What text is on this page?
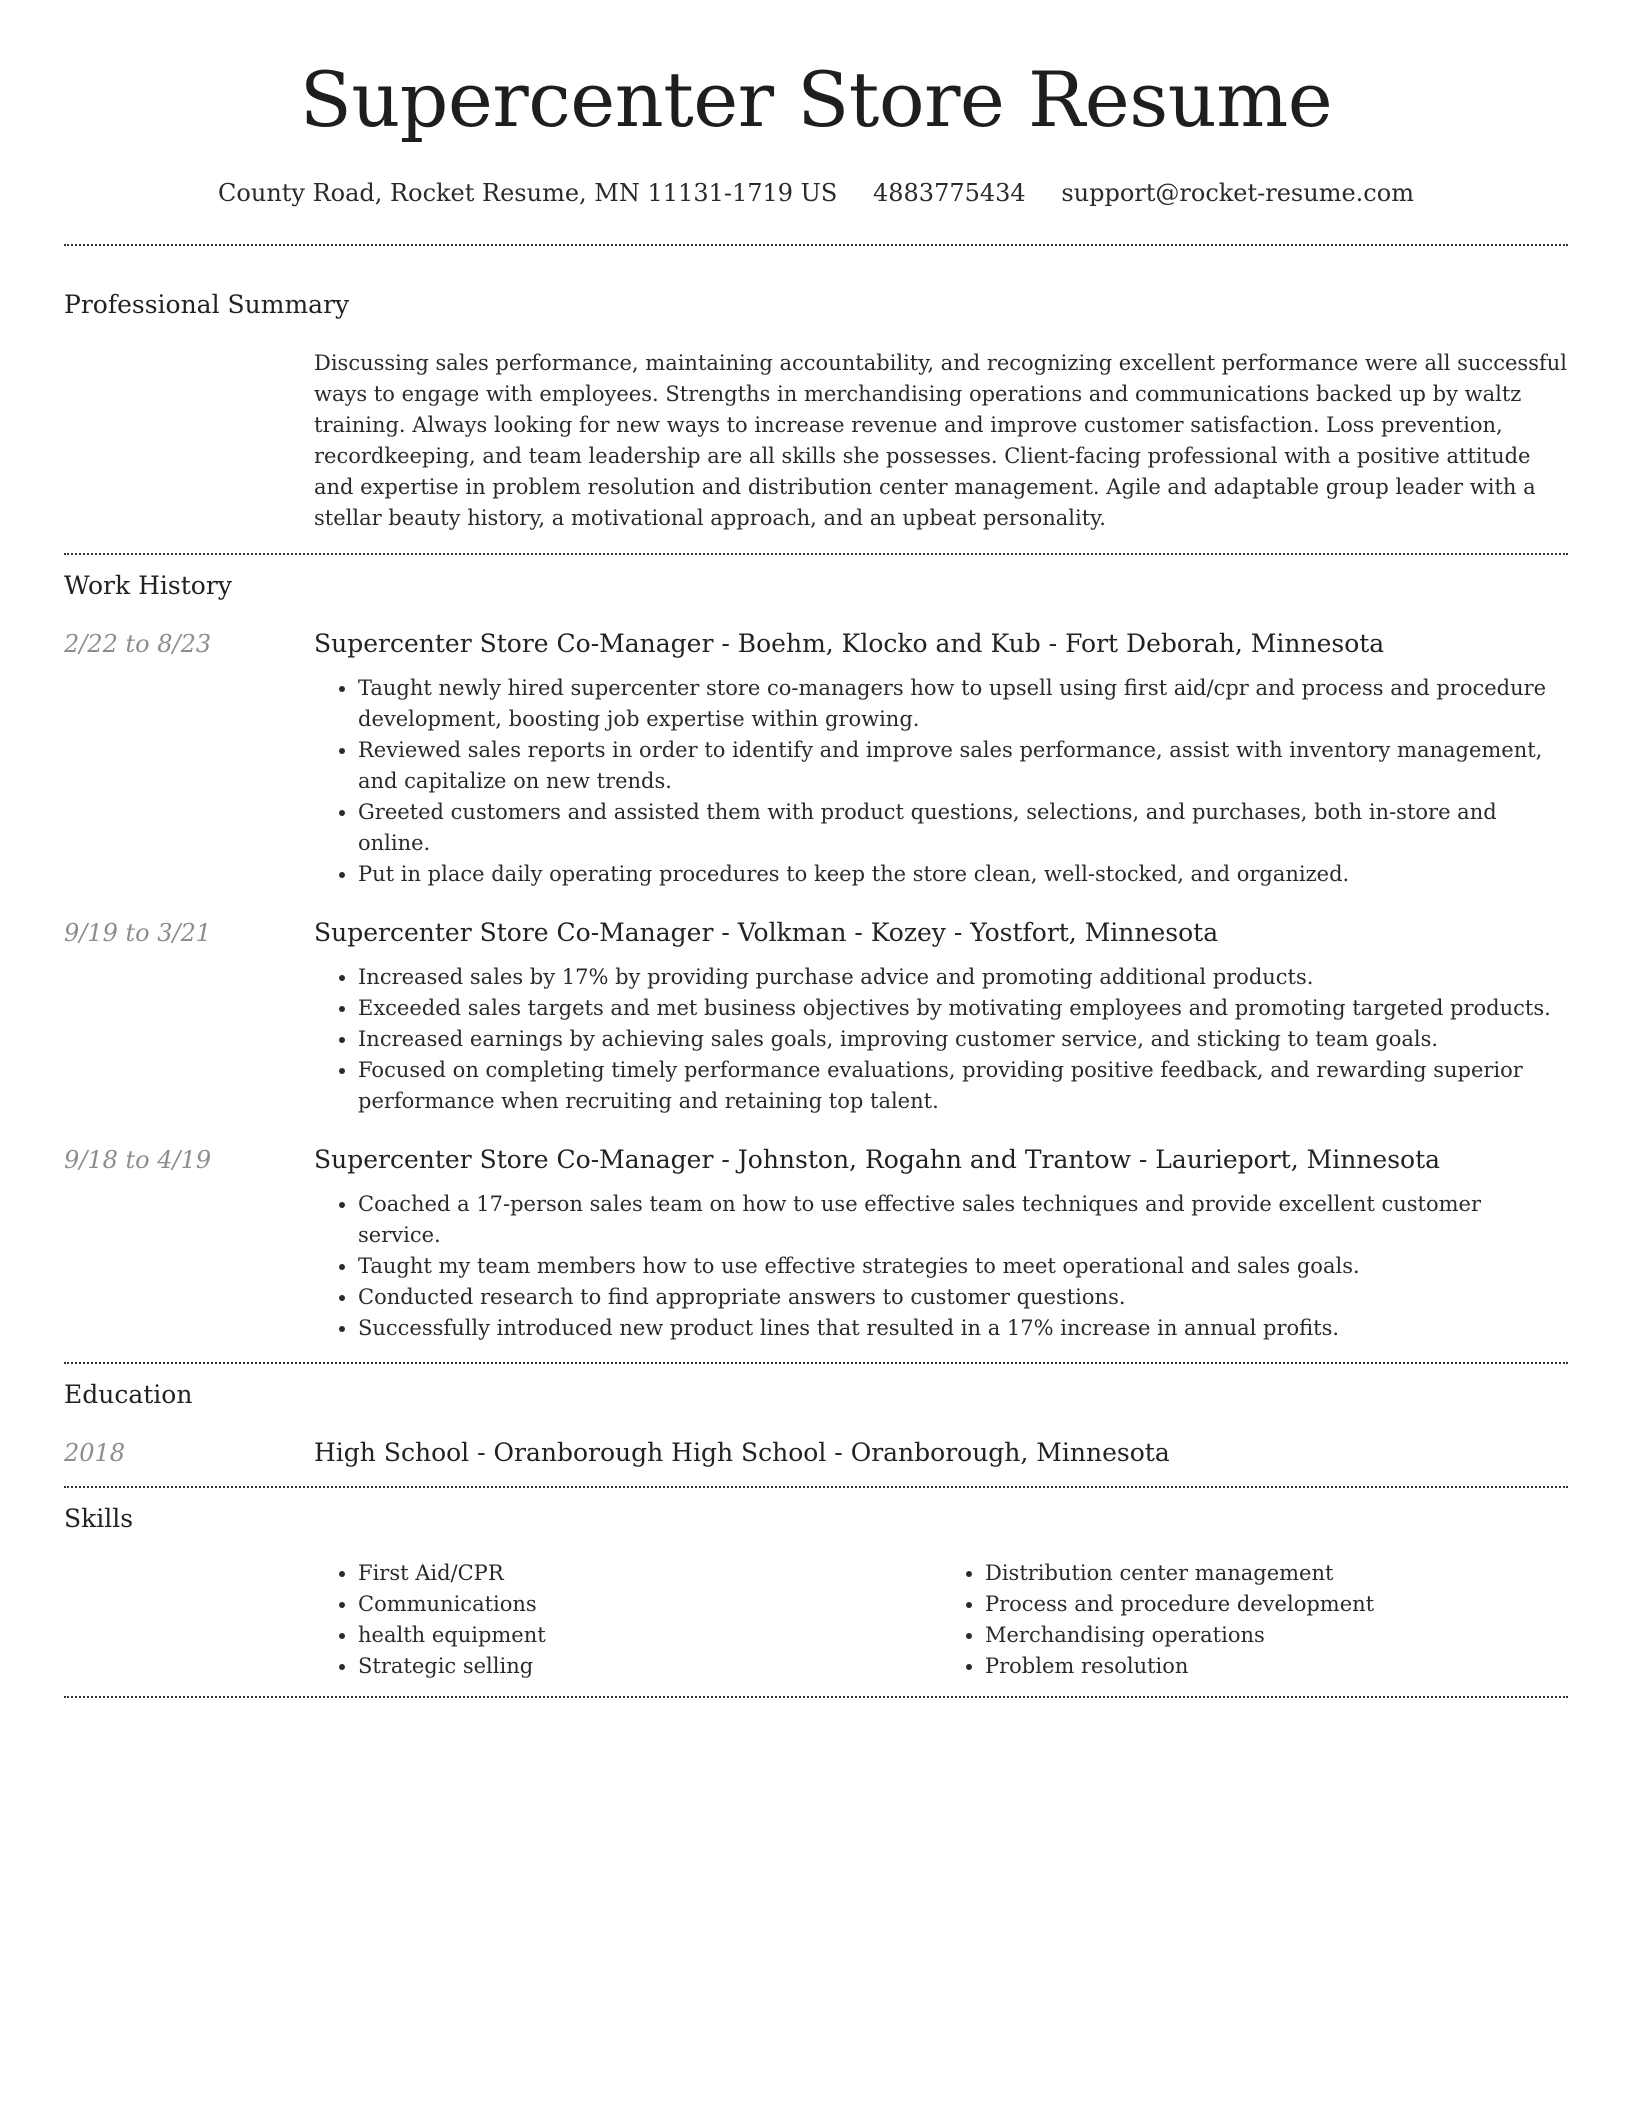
Supercenter Store Resume
County Road, Rocket Resume, MN 11131-1719 US 4883775434 support@rocket-resume.com
Professional Summary

Discussing sales performance, maintaining accountability, and recognizing excellent performance were all successful ways to engage with employees. Strengths in merchandising operations and communications backed up by waltz training. Always looking for new ways to increase revenue and improve customer satisfaction. Loss prevention, recordkeeping, and team leadership are all skills she possesses. Client-facing professional with a positive attitude and expertise in problem resolution and distribution center management. Agile and adaptable group leader with a stellar beauty history, a motivational approach, and an upbeat personality.

Work History
2/22 to 8/23	Supercenter Store Co-Manager - Boehm, Klocko and Kub - Fort Deborah, Minnesota
• Taught newly hired supercenter store co-managers how to upsell using first aid/cpr and process and procedure development, boosting job expertise within growing.
• Reviewed sales reports in order to identify and improve sales performance, assist with inventory management, and capitalize on new trends.
• Greeted customers and assisted them with product questions, selections, and purchases, both in-store and online.
• Put in place daily operating procedures to keep the store clean, well-stocked, and organized.
9/19 to 3/21	Supercenter Store Co-Manager - Volkman - Kozey - Yostfort, Minnesota
• Increased sales by 17% by providing purchase advice and promoting additional products.
• Exceeded sales targets and met business objectives by motivating employees and promoting targeted products.
• Increased earnings by achieving sales goals, improving customer service, and sticking to team goals.
• Focused on completing timely performance evaluations, providing positive feedback, and rewarding superior performance when recruiting and retaining top talent.
9/18 to 4/19	Supercenter Store Co-Manager - Johnston, Rogahn and Trantow - Laurieport, Minnesota
• Coached a 17-person sales team on how to use effective sales techniques and provide excellent customer service.
• Taught my team members how to use effective strategies to meet operational and sales goals.
• Conducted research to find appropriate answers to customer questions.
• Successfully introduced new product lines that resulted in a 17% increase in annual profits.
Education
2018	High School - Oranborough High School - Oranborough, Minnesota
Skills
• First Aid/CPR
• Communications
• health equipment
• Strategic selling
• Distribution center management
• Process and procedure development
• Merchandising operations
• Problem resolution
